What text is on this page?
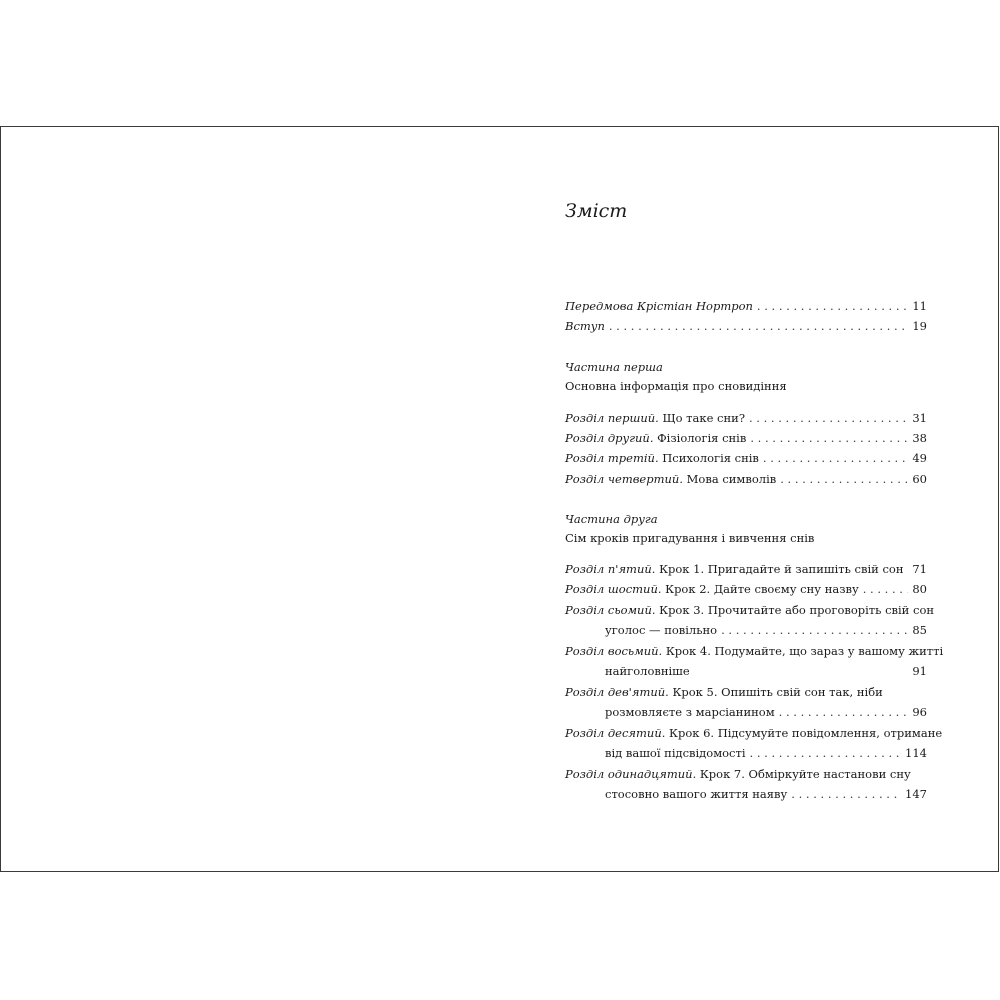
Зміст
Передмова Крістіан Нортроп . . .	11
Вступ . . .	19
Частина перша
Основна інформація про сновидіння
Розділ перший. Що таке сни? . . .	31
Розділ другий. Фізіологія снів . . .	38
Розділ третій. Психологія снів . . .	49
Розділ четвертий. Мова символів . . .	60
Частина друга
Сім кроків пригадування і вивчення снів
Розділ п'ятий. Крок 1. Пригадайте й запишіть свій сон . . . 71
Розділ шостий. Крок 2. Дайте своєму сну назву . . .	80
Розділ сьомий. Крок 3. Прочитайте або проговоріть свій сон
уголос — повільно . . .	85
Розділ восьмий. Крок 4. Подумайте, що зараз у вашому житті
найголовніше	91
Розділ дев'ятий. Крок 5. Опишіть свій сон так, ніби
розмовляєте з марсіанином . . .	96
Розділ десятий. Крок 6. Підсумуйте повідомлення, отримане
від вашої підсвідомості . . .	114
Розділ одинадцятий. Крок 7. Обміркуйте настанови сну
стосовно вашого життя наяву . . .	147
